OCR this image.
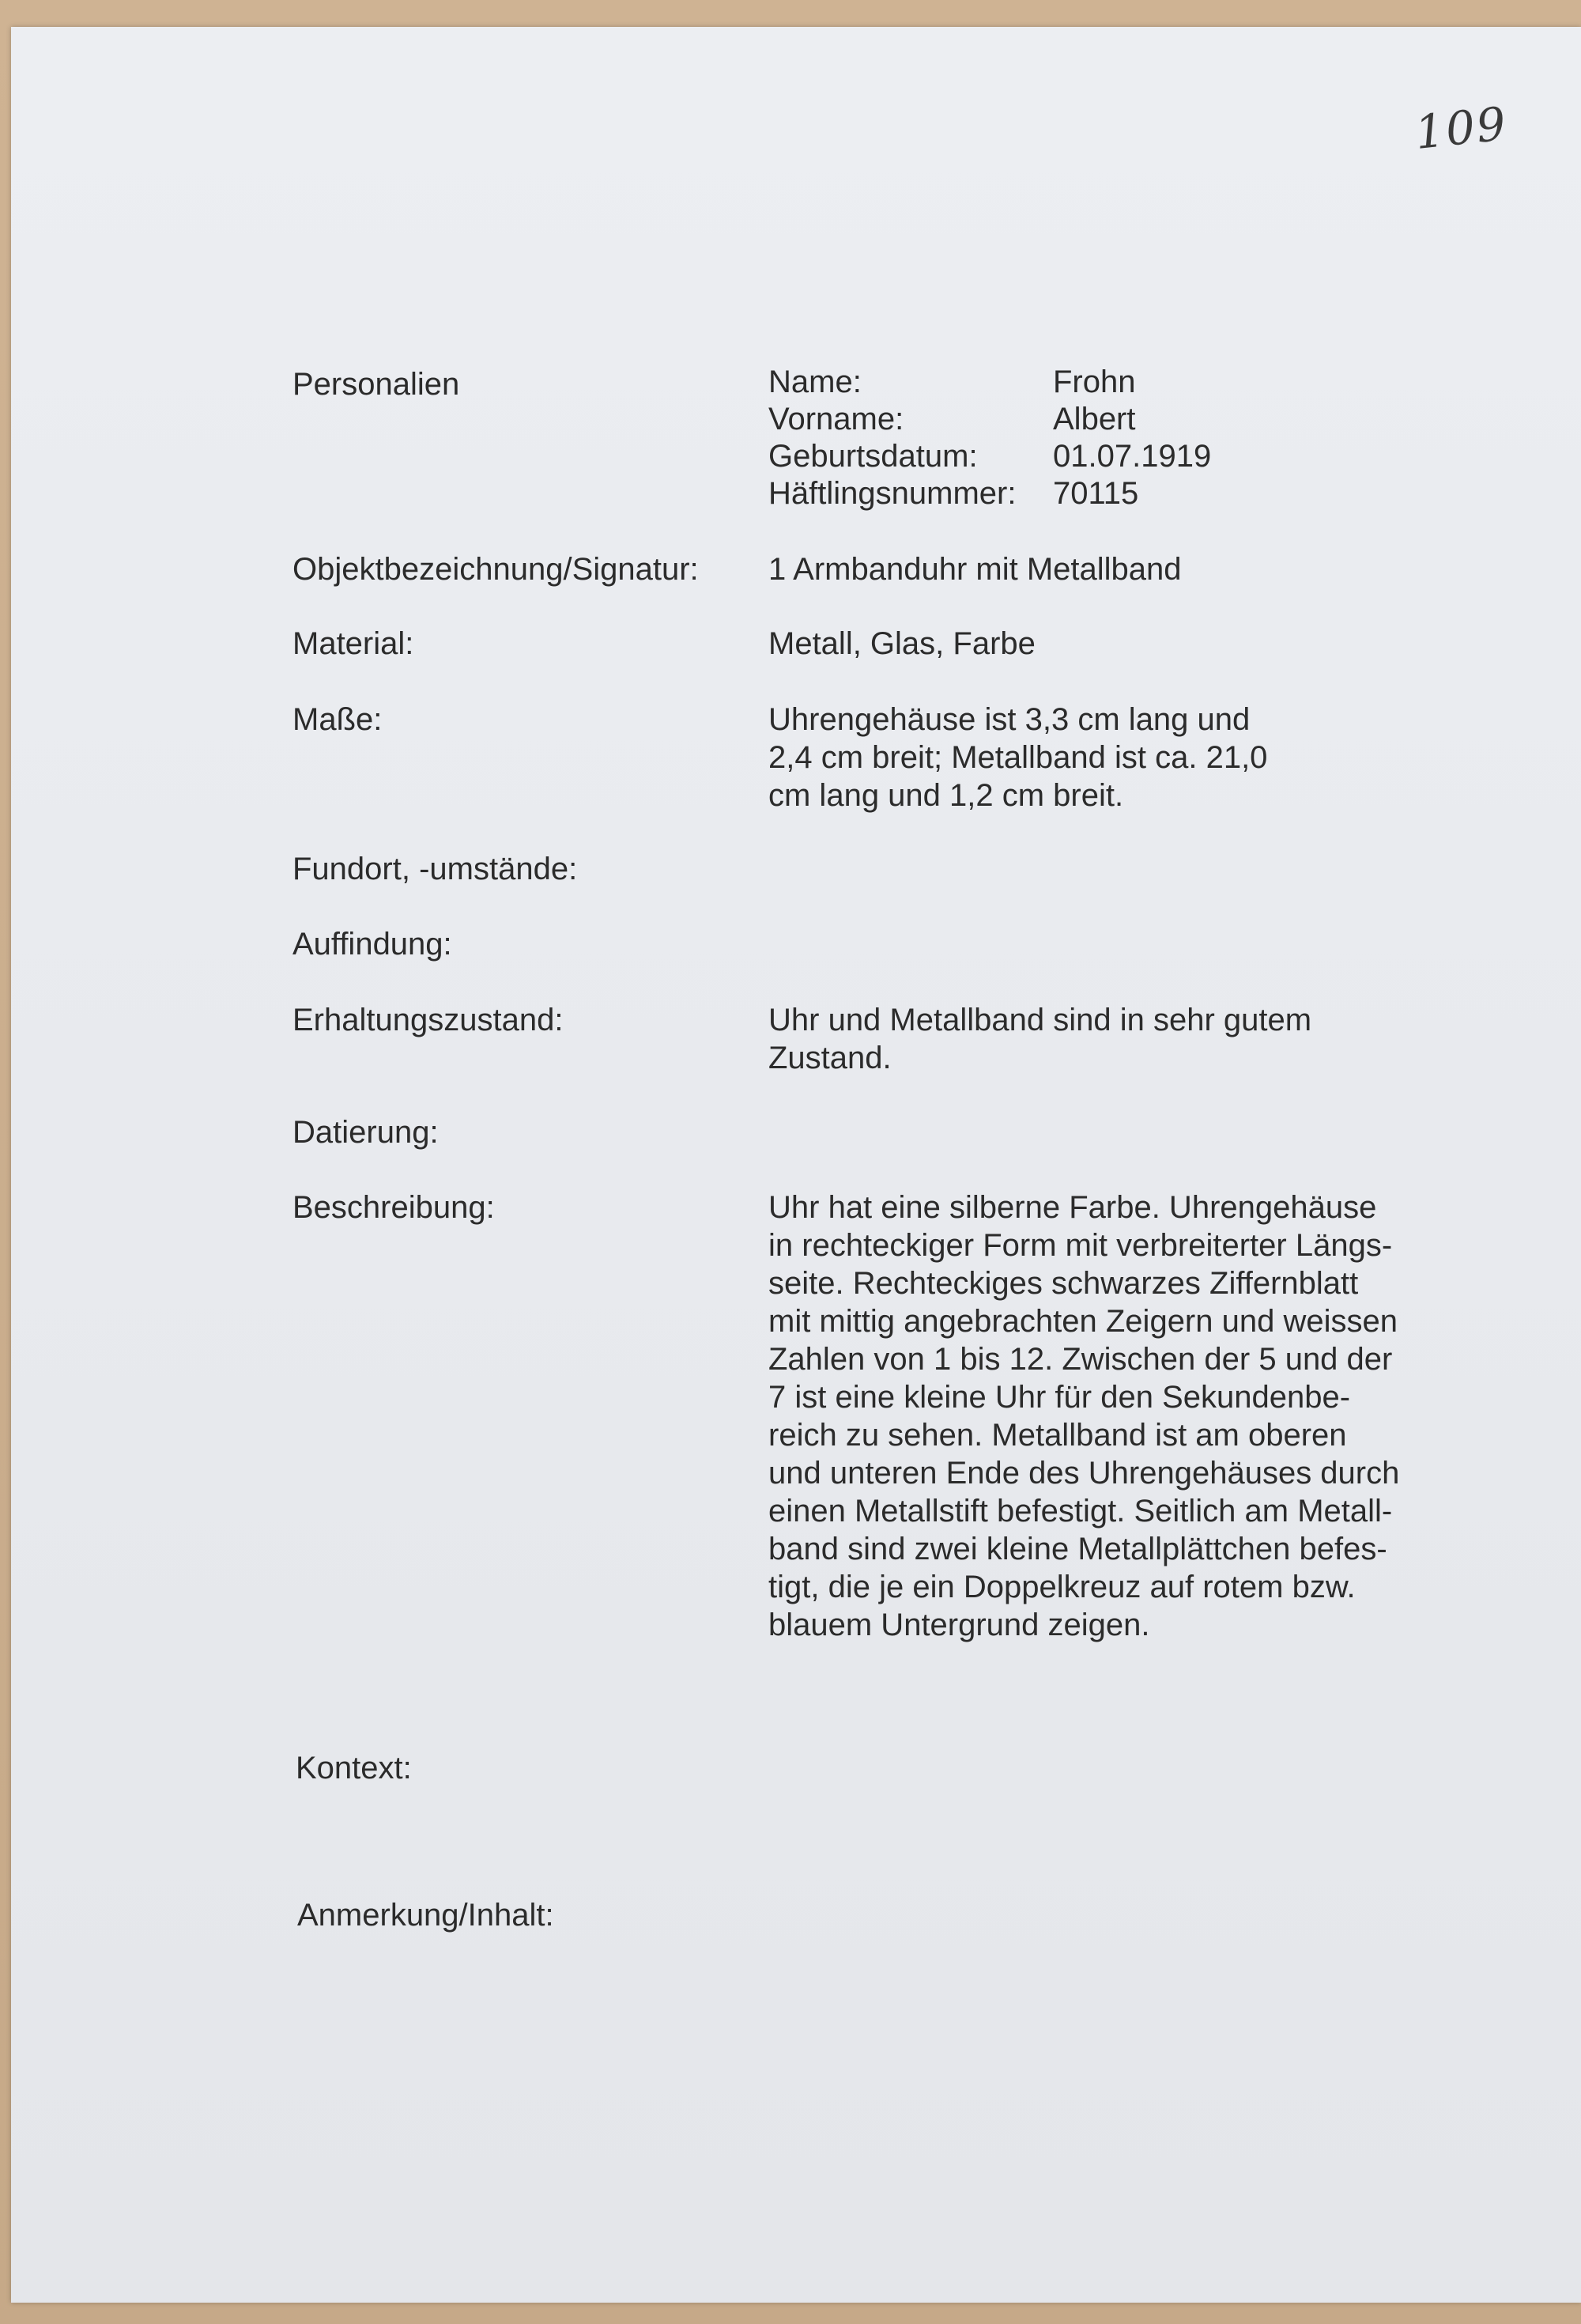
109
Personalien	Name:	Frohn
Vorname:	Albert
Geburtsdatum:	01.07.1919
Häftlingsnummer:	70115
Objektbezeichnung/Signatur: 1 Armbanduhr mit Metallband
Material:	Metall, Glas, Farbe
Maße:	Uhrengehäuse ist 3,3 cm lang und
2,4 cm breit; Metallband ist ca. 21,0
cm lang und 1,2 cm breit.
Fundort, -umstände:
Auffindung:
Erhaltungszustand:	Uhr und Metallband sind in sehr gutem
Zustand.
Datierung:
Beschreibung:	Uhr hat eine silberne Farbe. Uhrengehäuse
in rechteckiger Form mit verbreiterter Längs-
seite. Rechteckiges schwarzes Ziffernblatt
mit mittig angebrachten Zeigern und weissen
Zahlen von 1 bis 12. Zwischen der 5 und der
7 ist eine kleine Uhr für den Sekundenbe-
reich zu sehen. Metallband ist am oberen
und unteren Ende des Uhrengehäuses durch
einen Metallstift befestigt. Seitlich am Metall-
band sind zwei kleine Metallplättchen befes-
tigt, die je ein Doppelkreuz auf rotem bzw.
blauem Untergrund zeigen.
Kontext:
Anmerkung/Inhalt:
